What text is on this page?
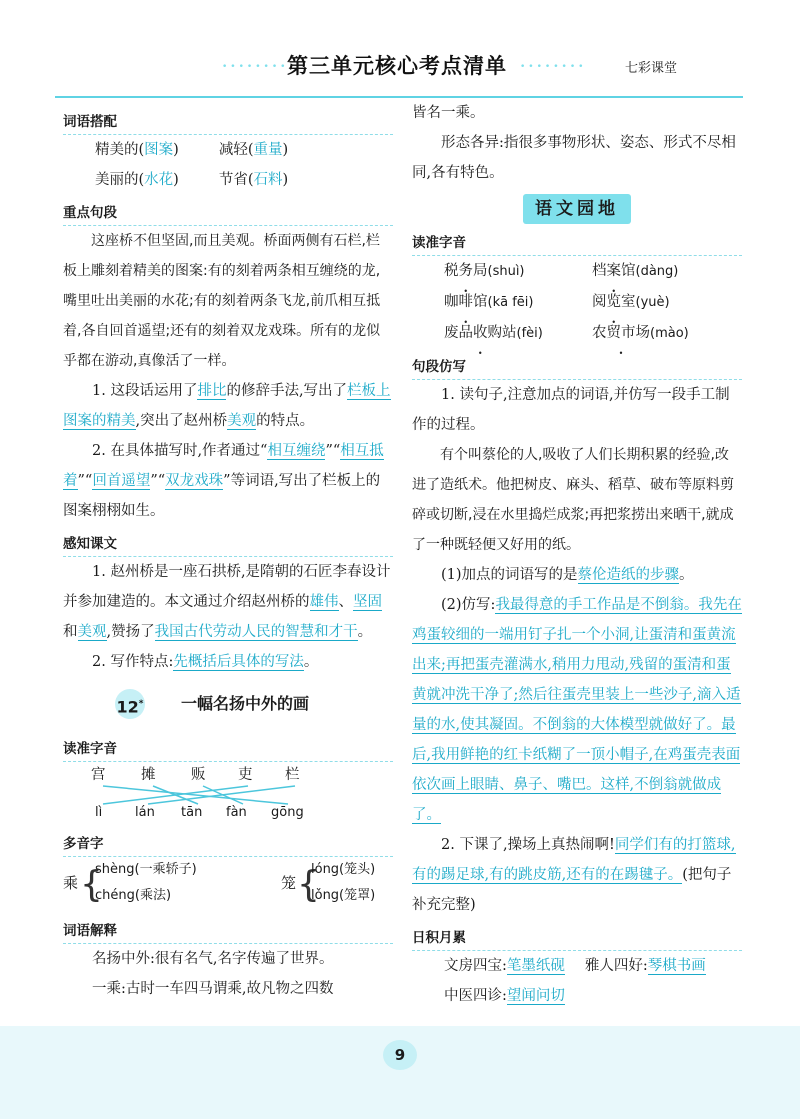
••••••••
第三单元核心考点清单 ••••••••	七彩课堂
词语搭配
精美的(图案)	减轻(重量)
美丽的(水花)	节省(石料)
重点句段

这座桥不但坚固,而且美观。桥面两侧有石栏,栏板上雕刻着精美的图案:有的刻着两条相互缠绕的龙,嘴里吐出美丽的水花;有的刻着两条飞龙,前爪相互抵着,各自回首遥望;还有的刻着双龙戏珠。所有的龙似乎都在游动,真像活了一样。

1. 这段话运用了排比的修辞手法,写出了栏板上图案的精美,突出了赵州桥美观的特点。

2. 在具体描写时,作者通过“相互缠绕”“相互抵着”“回首遥望”“双龙戏珠”等词语,写出了栏板上的图案栩栩如生。

感知课文

1. 赵州桥是一座石拱桥,是隋朝的石匠李春设计并参加建造的。本文通过介绍赵州桥的雄伟、坚固和美观,赞扬了我国古代劳动人民的智慧和才干。

2. 写作特点:先概括后具体的写法。

12* 一幅名扬中外的画
读准字音
宫 摊 贩 吏 栏
lì	lán tān fàn gōng
多音字
乘 {
shèng(一乘轿子)
chéng(乘法)
笼 {
lóng(笼头)
lǒng(笼罩)
词语解释

名扬中外:很有名气,名字传遍了世界。

一乘:古时一车四马谓乘,故凡物之四数

皆名一乘。

形态各异:指很多事物形状、姿态、形式不尽相同,各有特色。

语文园地
读准字音
税务局(shuì)	档案馆(dàng)
咖啡馆(kā fēi)	阅览室(yuè)
废品收购站 •(fèi)	农贸市场(mào)
句段仿写

1. 读句子,注意加点的词语,并仿写一段手工制作的过程。

有个叫蔡伦的人,吸收了人们长期积累的经验,改进了造纸术。他把树皮、麻头、稻草、破布等原料剪碎或切断,浸在水里捣烂成浆;再把浆捞出来晒干,就成了一种既轻便又好用的纸。

(1)加点的词语写的是蔡伦造纸的步骤。

(2)仿写:我最得意的手工作品是不倒翁。我先在鸡蛋较细的一端用钉子扎一个小洞,让蛋清和蛋黄流出来;再把蛋壳灌满水,稍用力甩动,残留的蛋清和蛋黄就冲洗干净了;然后往蛋壳里装上一些沙子,滴入适量的水,使其凝固。不倒翁的大体模型就做好了。最后,我用鲜艳的红卡纸糊了一顶小帽子,在鸡蛋壳表面依次画上眼睛、鼻子、嘴巴。这样,不倒翁就做成了。

2. 下课了,操场上真热闹啊!同学们有的打篮球,有的踢足球,有的跳皮筋,还有的在踢毽子。(把句子补充完整)

日积月累
文房四宝:笔墨纸砚 雅人四好:琴棋书画
中医四诊:望闻问切
9
